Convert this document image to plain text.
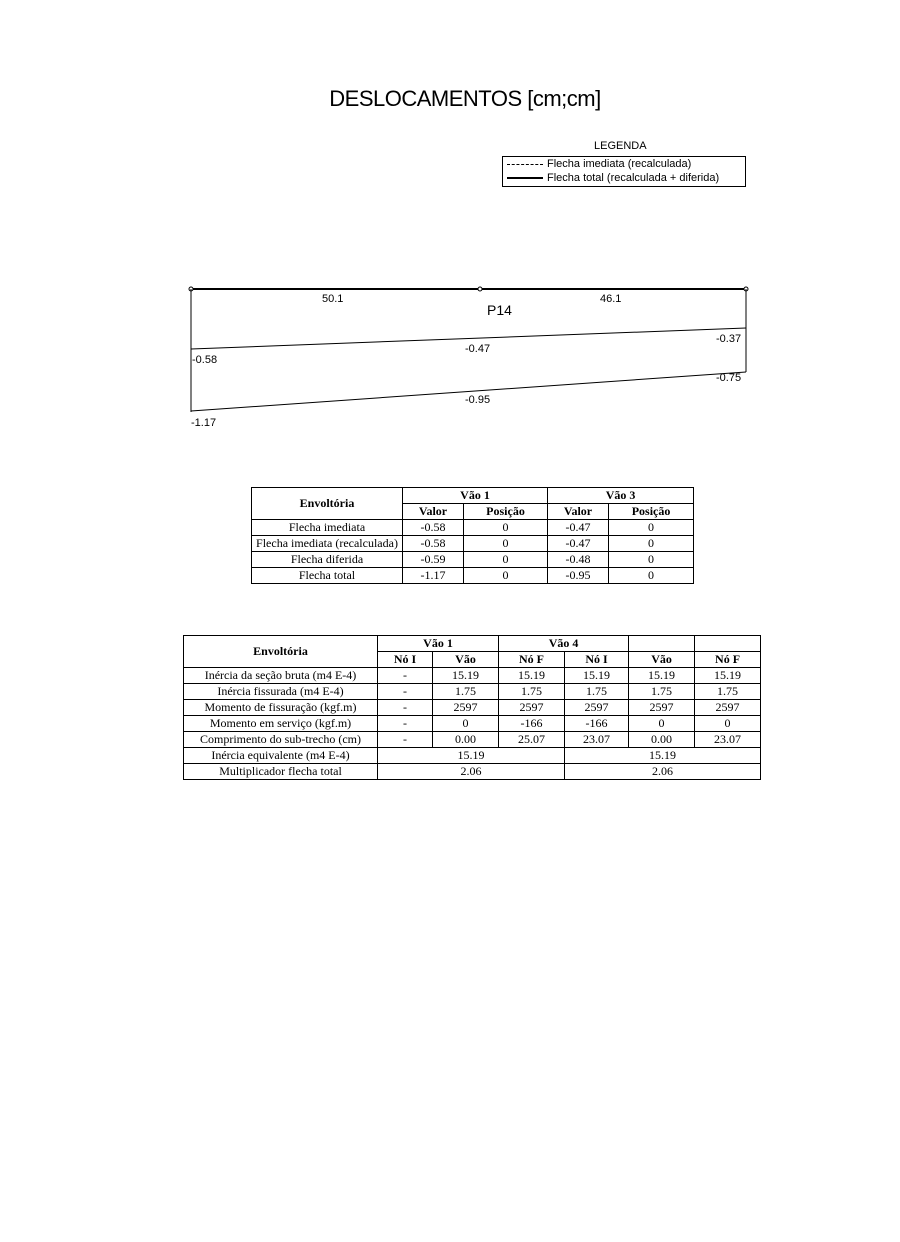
DESLOCAMENTOS [cm;cm]
LEGENDA
Flecha imediata (recalculada)
Flecha total (recalculada + diferida)
50.1	46.1
P14
-0.58
-0.47
-0.37
-1.17
-0.95
-0.75
Envoltória	Vão 1		Vão 3	
	Valor	Posição	Valor	Posição
Flecha imediata	-0.58	0	-0.47	0
Flecha imediata (recalculada)	-0.58	0	-0.47	0
Flecha diferida	-0.59	0	-0.48	0
Flecha total	-1.17	0	-0.95	0
Envoltória	Vão 1		Vão 4			
	Nó I	Vão	Nó F	Nó I	Vão	Nó F
Inércia da seção bruta (m4 E-4)	-	15.19	15.19	15.19	15.19	15.19
Inércia fissurada (m4 E-4)	-	1.75	1.75	1.75	1.75	1.75
Momento de fissuração (kgf.m)	-	2597	2597	2597	2597	2597
Momento em serviço (kgf.m)	-	0	-166	-166	0	0
Comprimento do sub-trecho (cm)	-	0.00	25.07	23.07	0.00	23.07
Inércia equivalente (m4 E-4)	15.19			15.19		
Multiplicador flecha total	2.06			2.06		
